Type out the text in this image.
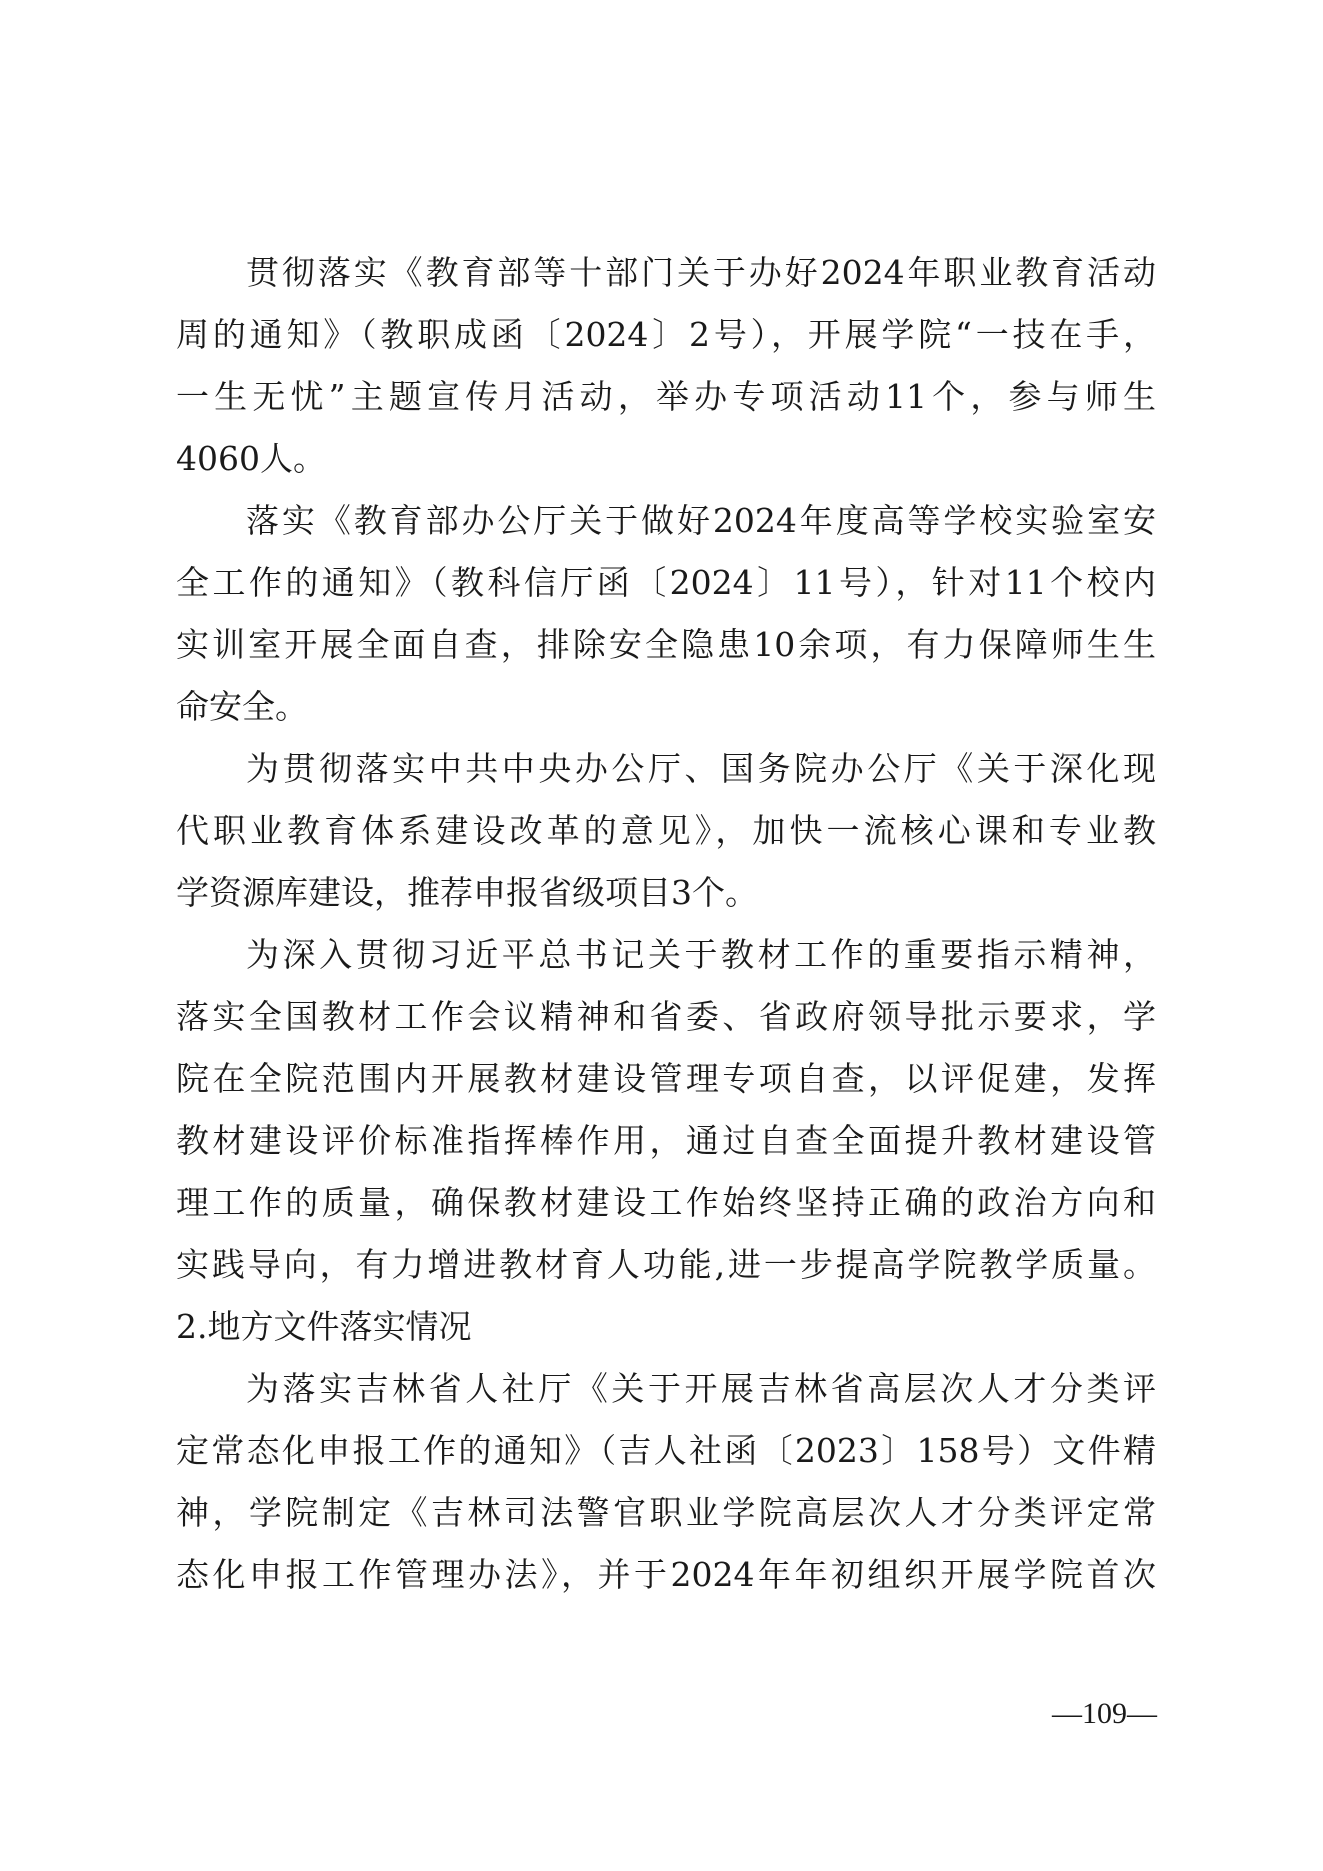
贯彻落实《教育部等十部门关于办好2024年职业教育活动
周的通知》（教职成函〔2024〕2号），开展学院“一技在手，
一生无忧”主题宣传月活动，举办专项活动11个，参与师生
4060人。
落实《教育部办公厅关于做好2024年度高等学校实验室安
全工作的通知》（教科信厅函〔2024〕11号），针对11个校内
实训室开展全面自查，排除安全隐患10余项，有力保障师生生
命安全。
为贯彻落实中共中央办公厅、国务院办公厅《关于深化现
代职业教育体系建设改革的意见》，加快一流核心课和专业教
学资源库建设，推荐申报省级项目3个。
为深入贯彻习近平总书记关于教材工作的重要指示精神，
落实全国教材工作会议精神和省委、省政府领导批示要求，学
院在全院范围内开展教材建设管理专项自查，以评促建，发挥
教材建设评价标准指挥棒作用，通过自查全面提升教材建设管
理工作的质量，确保教材建设工作始终坚持正确的政治方向和
实践导向，有力增进教材育人功能,进一步提高学院教学质量。
2.地方文件落实情况
为落实吉林省人社厅《关于开展吉林省高层次人才分类评
定常态化申报工作的通知》（吉人社函〔2023〕158号）文件精
神，学院制定《吉林司法警官职业学院高层次人才分类评定常
态化申报工作管理办法》，并于2024年年初组织开展学院首次
—109—
